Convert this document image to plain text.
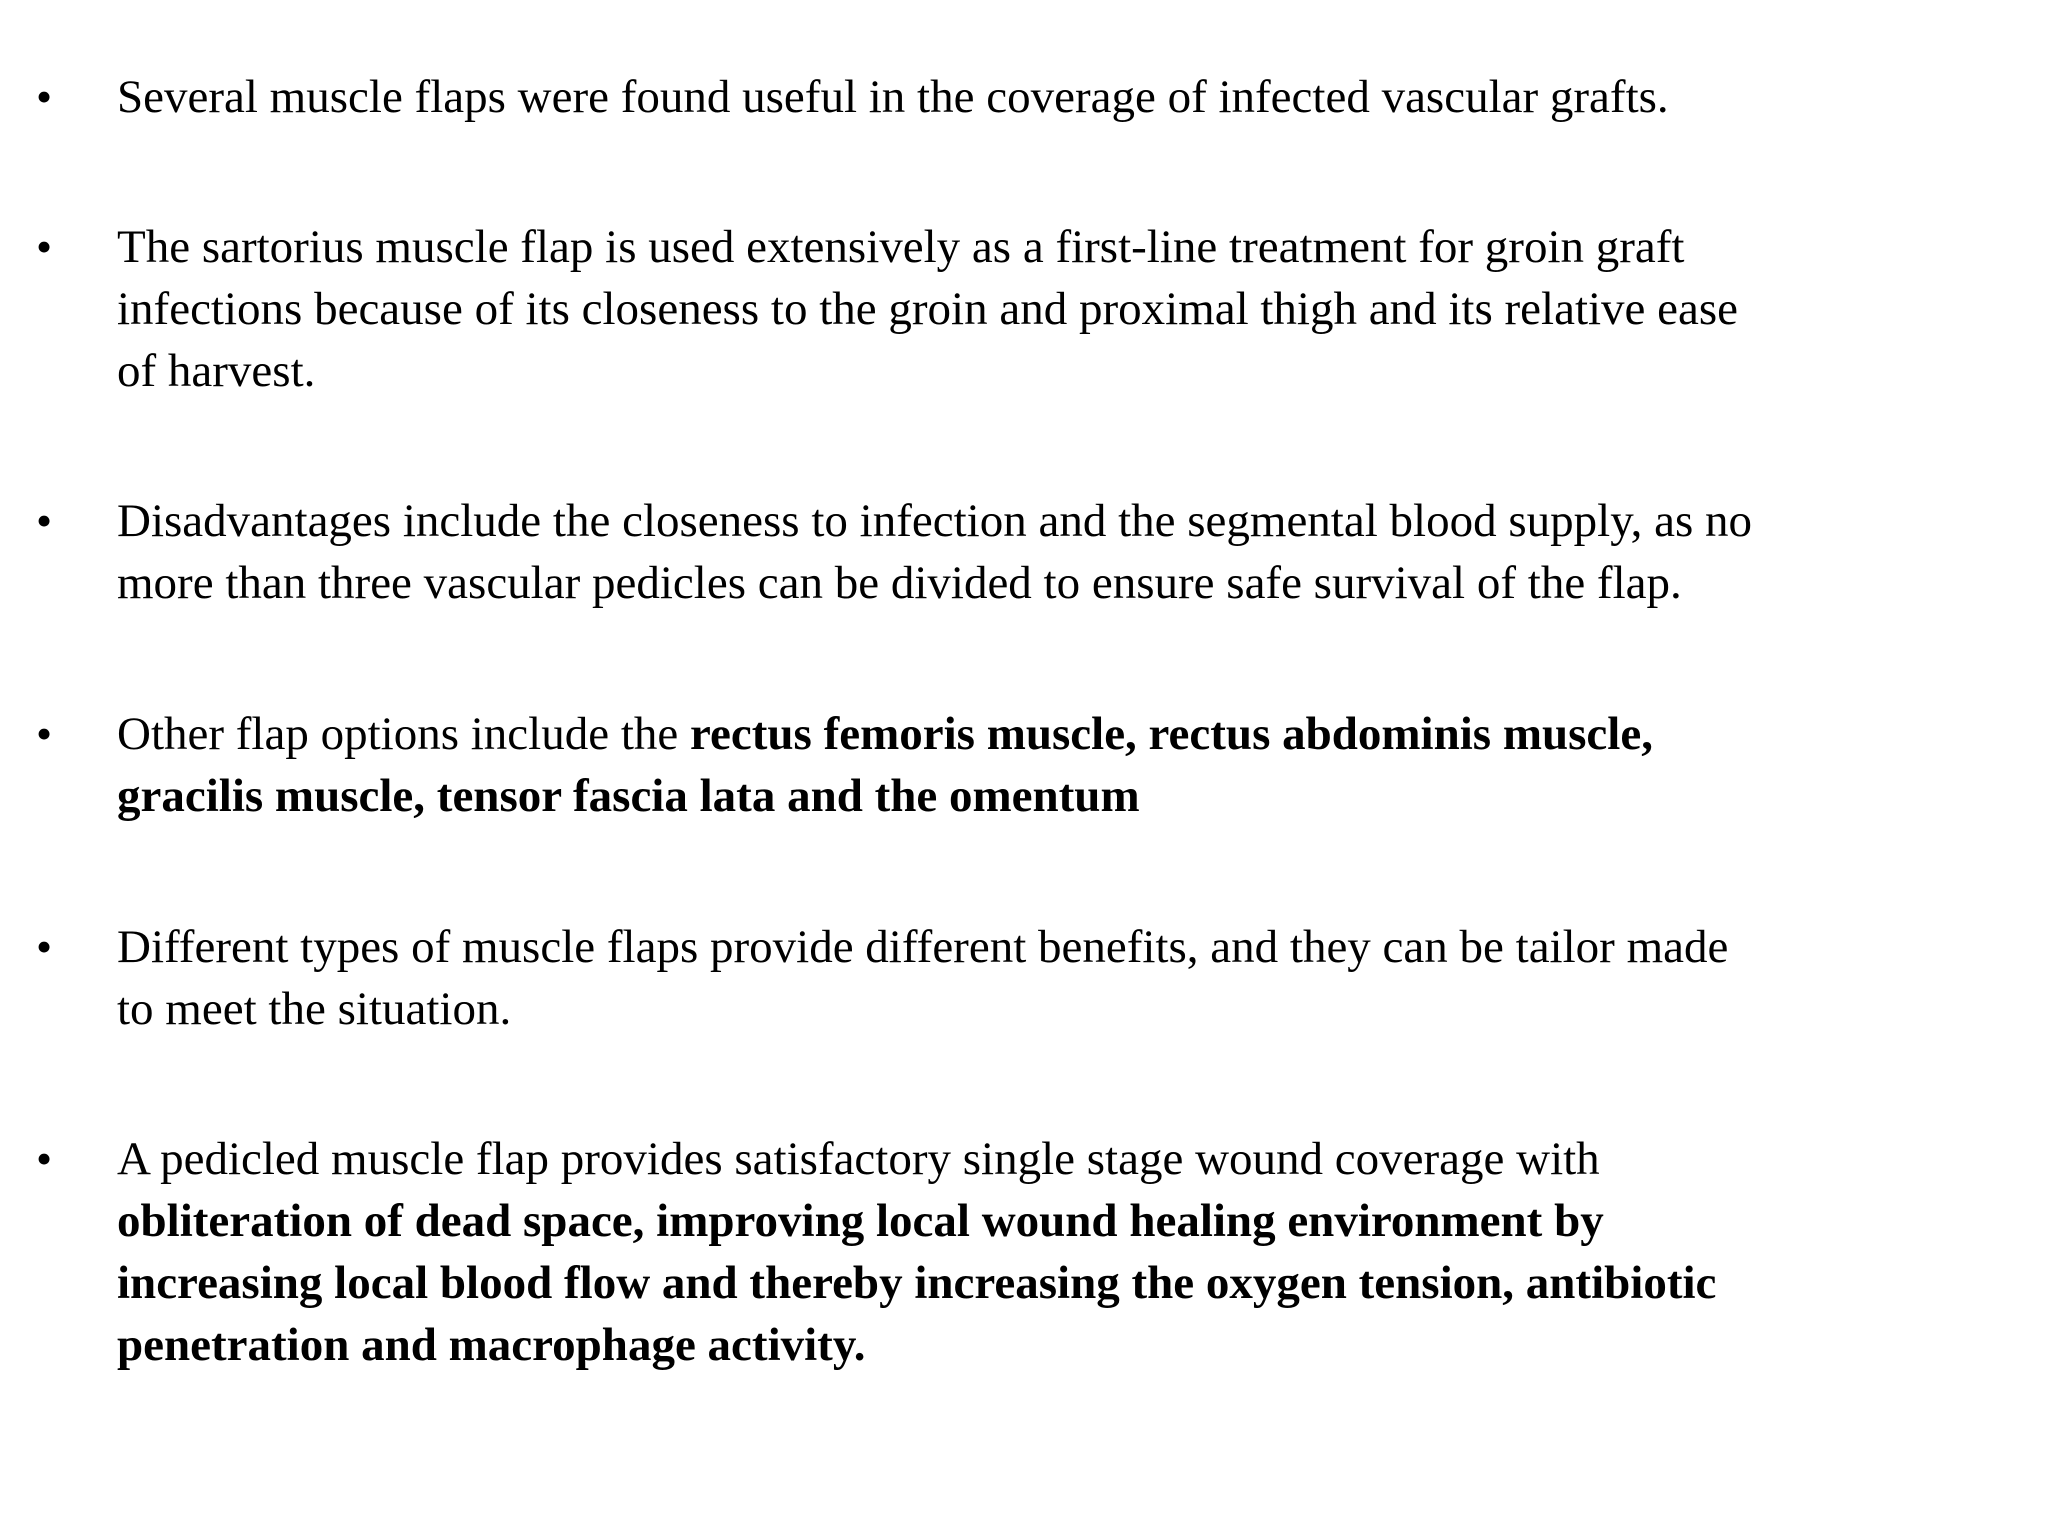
• Several muscle flaps were found useful in the coverage of infected vascular grafts.
• The sartorius muscle flap is used extensively as a first-line treatment for groin graft
infections because of its closeness to the groin and proximal thigh and its relative ease
of harvest.
• Disadvantages include the closeness to infection and the segmental blood supply, as no
more than three vascular pedicles can be divided to ensure safe survival of the flap.
• Other flap options include the rectus femoris muscle, rectus abdominis muscle,
gracilis muscle, tensor fascia lata and the omentum
• Different types of muscle flaps provide different benefits, and they can be tailor made
to meet the situation.
• A pedicled muscle flap provides satisfactory single stage wound coverage with
obliteration of dead space, improving local wound healing environment by
increasing local blood flow and thereby increasing the oxygen tension, antibiotic
penetration and macrophage activity.
